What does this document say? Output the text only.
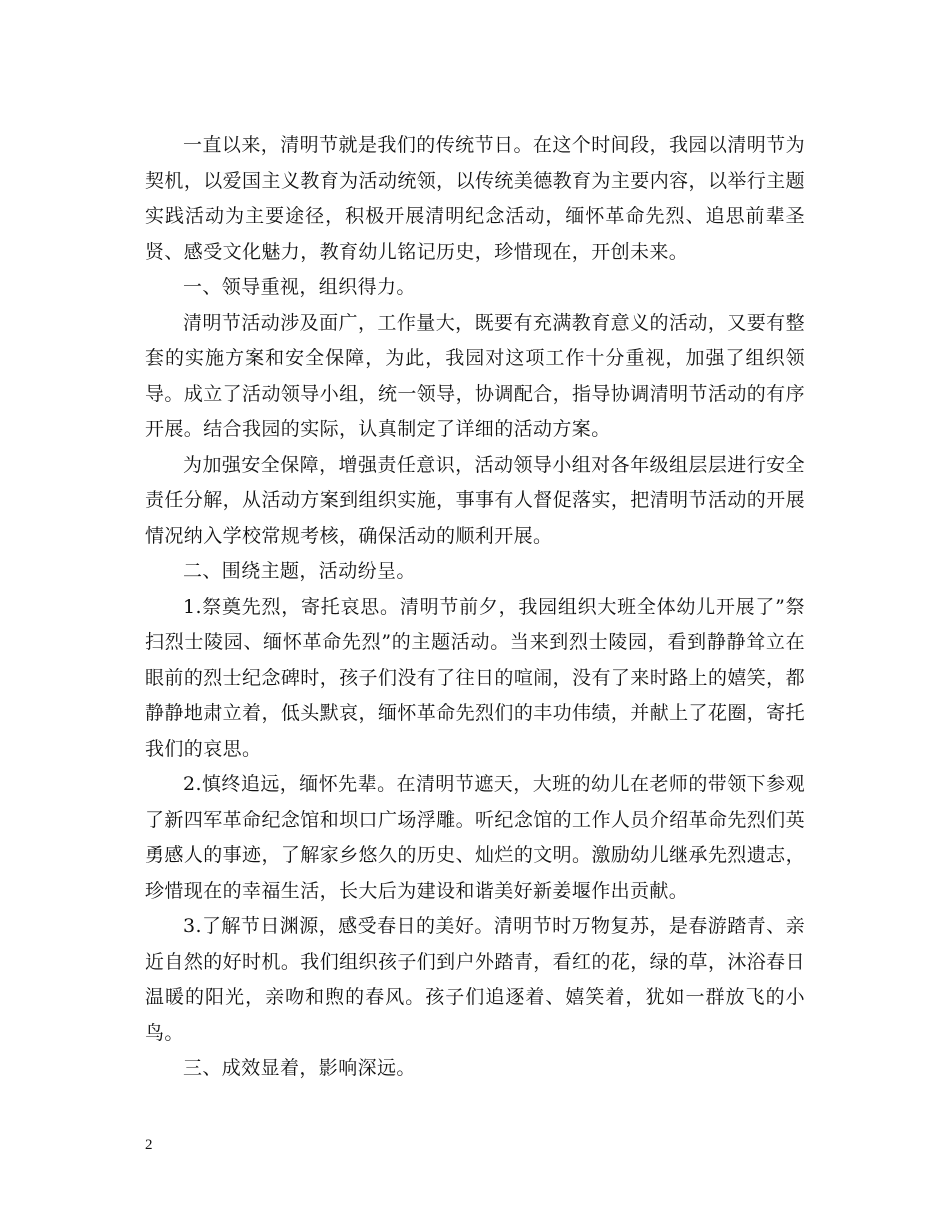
一直以来，清明节就是我们的传统节日。在这个时间段，我园以清明节为契机，以爱国主义教育为活动统领，以传统美德教育为主要内容，以举行主题实践活动为主要途径，积极开展清明纪念活动，缅怀革命先烈、追思前辈圣贤、感受文化魅力，教育幼儿铭记历史，珍惜现在，开创未来。

一、领导重视，组织得力。

清明节活动涉及面广，工作量大，既要有充满教育意义的活动，又要有整套的实施方案和安全保障，为此，我园对这项工作十分重视，加强了组织领导。成立了活动领导小组，统一领导，协调配合，指导协调清明节活动的有序开展。结合我园的实际，认真制定了详细的活动方案。

为加强安全保障，增强责任意识，活动领导小组对各年级组层层进行安全责任分解，从活动方案到组织实施，事事有人督促落实，把清明节活动的开展情况纳入学校常规考核，确保活动的顺利开展。

二、围绕主题，活动纷呈。

1.祭奠先烈，寄托哀思。清明节前夕，我园组织大班全体幼儿开展了”祭扫烈士陵园、缅怀革命先烈”的主题活动。当来到烈士陵园，看到静静耸立在眼前的烈士纪念碑时，孩子们没有了往日的喧闹，没有了来时路上的嬉笑，都静静地肃立着，低头默哀，缅怀革命先烈们的丰功伟绩，并献上了花圈，寄托我们的哀思。

2.慎终追远，缅怀先辈。在清明节遮天，大班的幼儿在老师的带领下参观了新四军革命纪念馆和坝口广场浮雕。听纪念馆的工作人员介绍革命先烈们英勇感人的事迹，了解家乡悠久的历史、灿烂的文明。激励幼儿继承先烈遗志，珍惜现在的幸福生活，长大后为建设和谐美好新姜堰作出贡献。

3.了解节日渊源，感受春日的美好。清明节时万物复苏，是春游踏青、亲近自然的好时机。我们组织孩子们到户外踏青，看红的花，绿的草，沐浴春日温暖的阳光，亲吻和煦的春风。孩子们追逐着、嬉笑着，犹如一群放飞的小鸟。

三、成效显着，影响深远。

2
